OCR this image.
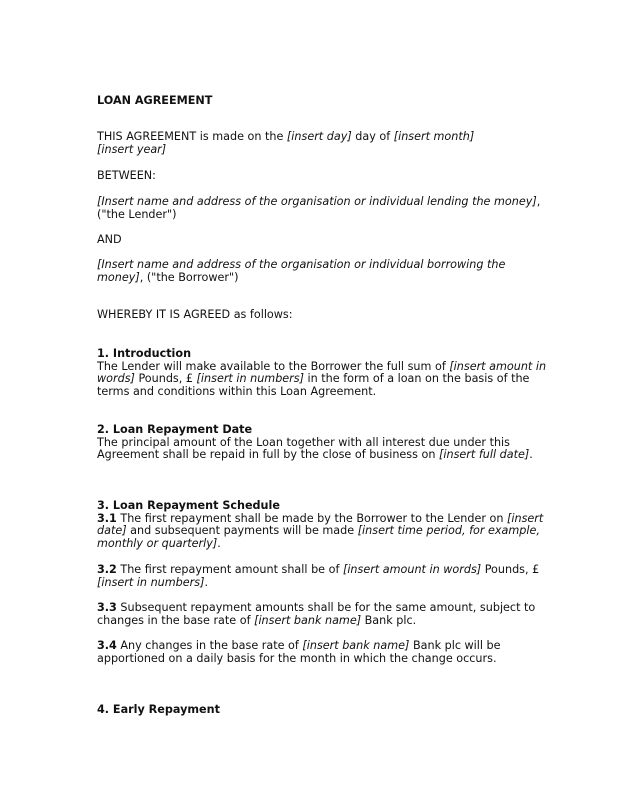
LOAN AGREEMENT

THIS AGREEMENT is made on the [insert day] day of [insert month]
[insert year]

BETWEEN:

[Insert name and address of the organisation or individual lending the money], ("the Lender")

AND

[Insert name and address of the organisation or individual borrowing the money], ("the Borrower")

WHEREBY IT IS AGREED as follows:

1. Introduction
The Lender will make available to the Borrower the full sum of [insert amount in words] Pounds, £ [insert in numbers] in the form of a loan on the basis of the terms and conditions within this Loan Agreement.
2. Loan Repayment Date
The principal amount of the Loan together with all interest due under this Agreement shall be repaid in full by the close of business on [insert full date].
3. Loan Repayment Schedule
3.1 The first repayment shall be made by the Borrower to the Lender on [insert date] and subsequent payments will be made [insert time period, for example, monthly or quarterly].

3.2 The first repayment amount shall be of [insert amount in words] Pounds, £ [insert in numbers].

3.3 Subsequent repayment amounts shall be for the same amount, subject to changes in the base rate of [insert bank name] Bank plc.

3.4 Any changes in the base rate of [insert bank name] Bank plc will be apportioned on a daily basis for the month in which the change occurs.

4. Early Repayment
